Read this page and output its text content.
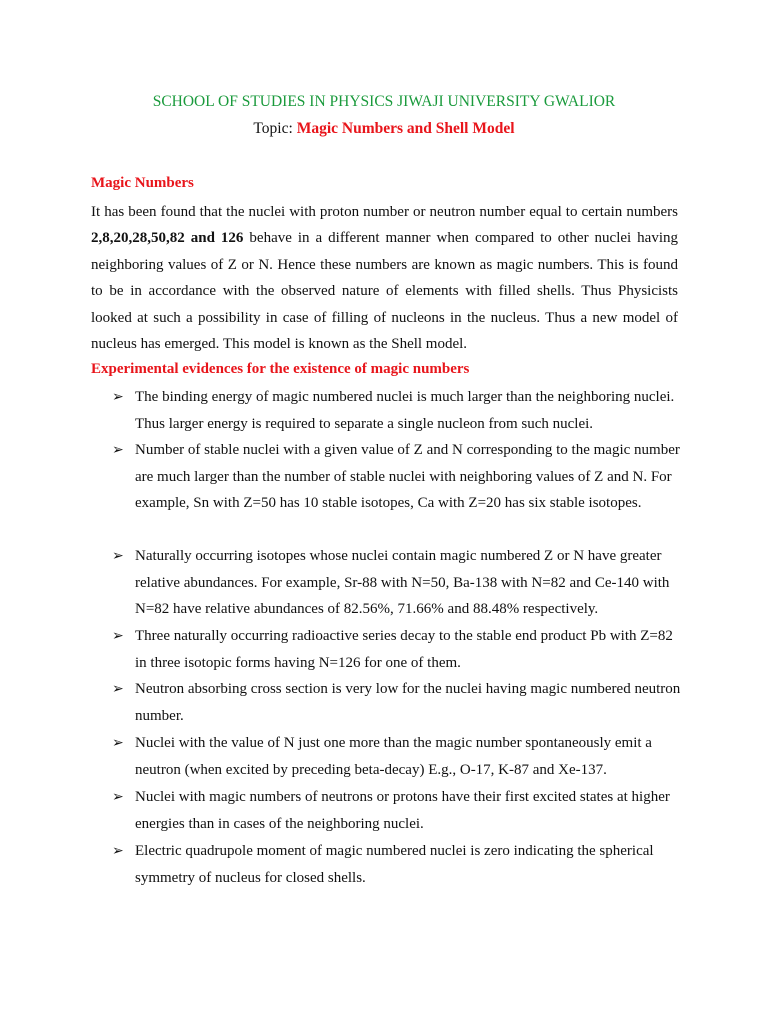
SCHOOL OF STUDIES IN PHYSICS JIWAJI UNIVERSITY GWALIOR
Topic: Magic Numbers and Shell Model
Magic Numbers
It has been found that the nuclei with proton number or neutron number equal to certain numbers 2,8,20,28,50,82 and 126 behave in a different manner when compared to other nuclei having neighboring values of Z or N. Hence these numbers are known as magic numbers. This is found to be in accordance with the observed nature of elements with filled shells. Thus Physicists looked at such a possibility in case of filling of nucleons in the nucleus. Thus a new model of nucleus has emerged. This model is known as the Shell model.
Experimental evidences for the existence of magic numbers
➢ The binding energy of magic numbered nuclei is much larger than the neighboring nuclei. Thus larger energy is required to separate a single nucleon from such nuclei.
➢ Number of stable nuclei with a given value of Z and N corresponding to the magic number are much larger than the number of stable nuclei with neighboring values of Z and N. For example, Sn with Z=50 has 10 stable isotopes, Ca with Z=20 has six stable isotopes.
➢ Naturally occurring isotopes whose nuclei contain magic numbered Z or N have greater relative abundances. For example, Sr-88 with N=50, Ba-138 with N=82 and Ce-140 with N=82 have relative abundances of 82.56%, 71.66% and 88.48% respectively.
➢ Three naturally occurring radioactive series decay to the stable end product Pb with Z=82 in three isotopic forms having N=126 for one of them.
➢ Neutron absorbing cross section is very low for the nuclei having magic numbered neutron number.
➢ Nuclei with the value of N just one more than the magic number spontaneously emit a neutron (when excited by preceding beta-decay) E.g., O-17, K-87 and Xe-137.
➢ Nuclei with magic numbers of neutrons or protons have their first excited states at higher energies than in cases of the neighboring nuclei.
➢ Electric quadrupole moment of magic numbered nuclei is zero indicating the spherical symmetry of nucleus for closed shells.
